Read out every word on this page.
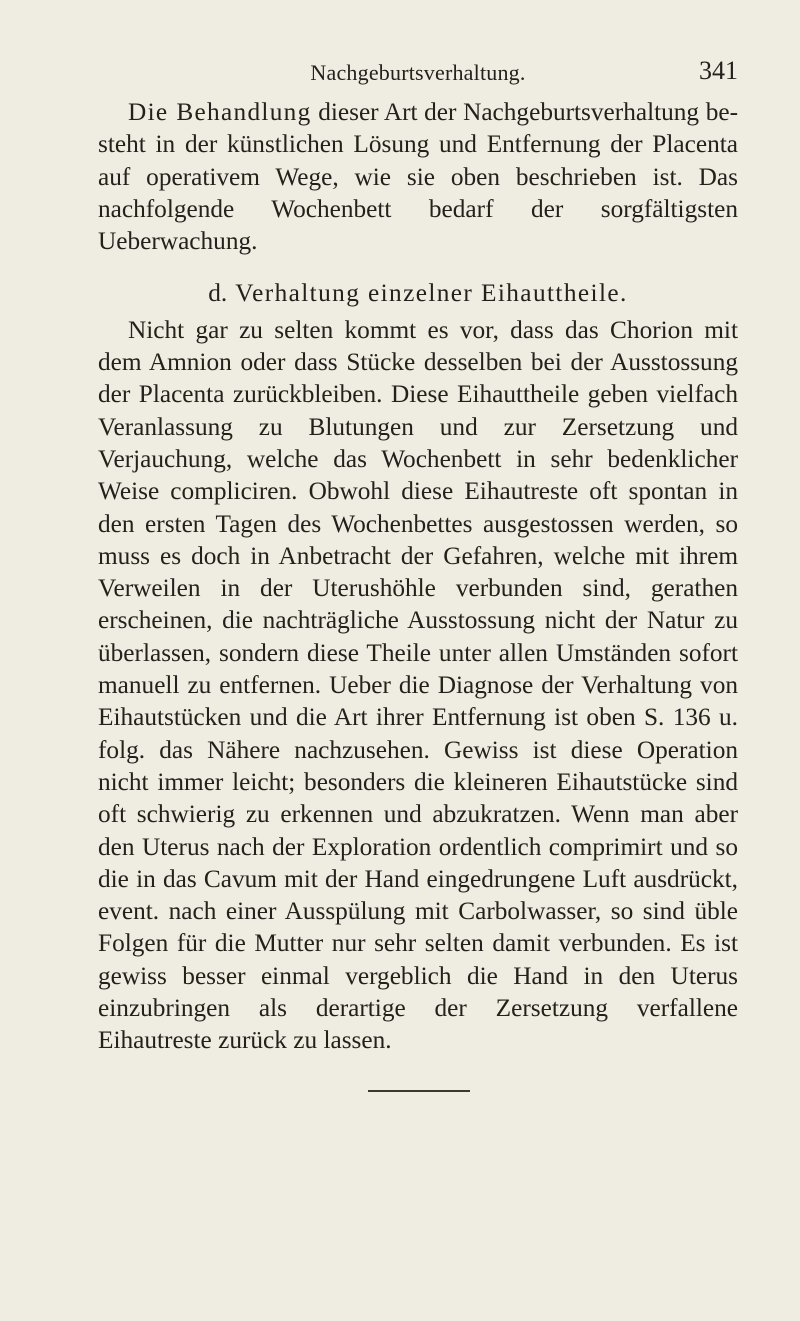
Nachgeburtsverhaltung.	341

Die Behandlung dieser Art der Nachgeburtsverhaltung besteht in der künstlichen Lösung und Entfernung der Placenta auf operativem Wege, wie sie oben beschrieben ist. Das nachfolgende Wochenbett bedarf der sorgfältigsten Ueberwachung.

d. Verhaltung einzelner Eihauttheile.

Nicht gar zu selten kommt es vor, dass das Chorion mit dem Amnion oder dass Stücke desselben bei der Ausstossung der Placenta zurückbleiben. Diese Eihauttheile geben vielfach Veranlassung zu Blutungen und zur Zersetzung und Verjauchung, welche das Wochenbett in sehr bedenklicher Weise compliciren. Obwohl diese Eihautreste oft spontan in den ersten Tagen des Wochenbettes ausgestossen werden, so muss es doch in Anbetracht der Gefahren, welche mit ihrem Verweilen in der Uterushöhle verbunden sind, gerathen erscheinen, die nachträgliche Ausstossung nicht der Natur zu überlassen, sondern diese Theile unter allen Umständen sofort manuell zu entfernen. Ueber die Diagnose der Verhaltung von Eihautstücken und die Art ihrer Entfernung ist oben S. 136 u. folg. das Nähere nachzusehen. Gewiss ist diese Operation nicht immer leicht; besonders die kleineren Eihautstücke sind oft schwierig zu erkennen und abzukratzen. Wenn man aber den Uterus nach der Exploration ordentlich comprimirt und so die in das Cavum mit der Hand eingedrungene Luft ausdrückt, event. nach einer Ausspülung mit Carbolwasser, so sind üble Folgen für die Mutter nur sehr selten damit verbunden. Es ist gewiss besser einmal vergeblich die Hand in den Uterus einzubringen als derartige der Zersetzung verfallene Eihautreste zurück zu lassen.
